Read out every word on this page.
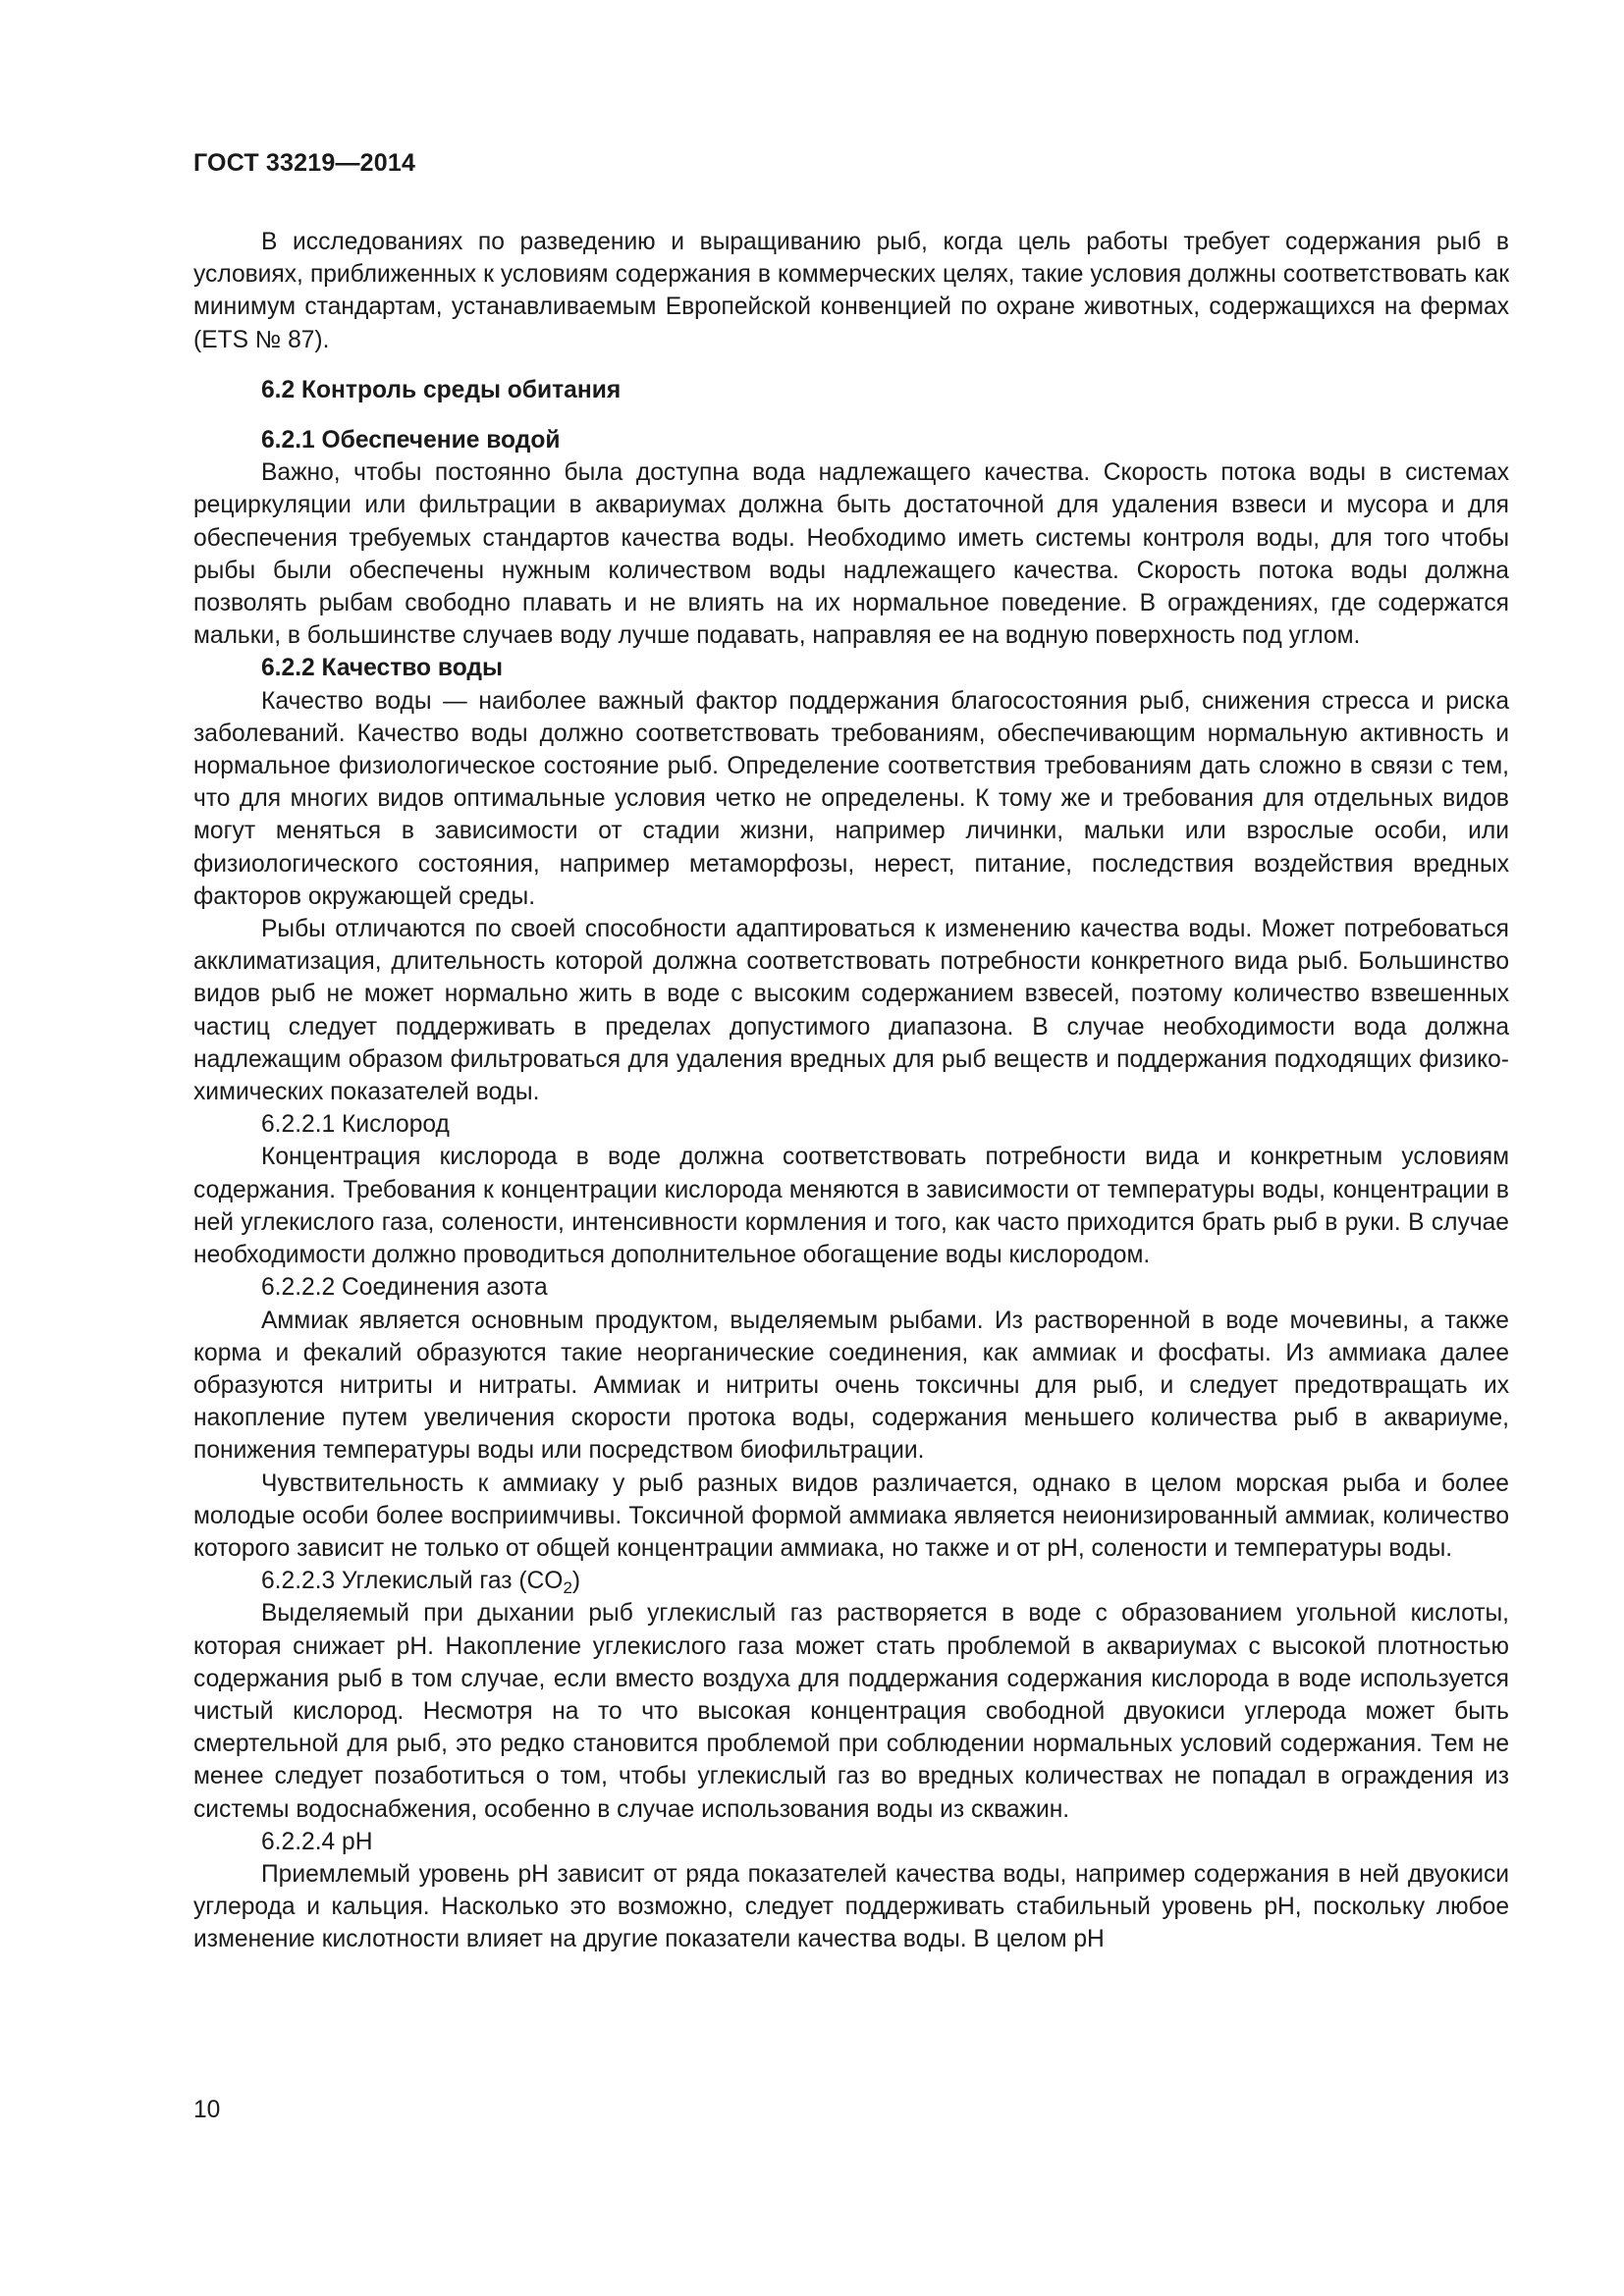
ГОСТ 33219—2014

В исследованиях по разведению и выращиванию рыб, когда цель работы требует содержания рыб в условиях, приближенных к условиям содержания в коммерческих целях, такие условия должны соответствовать как минимум стандартам, устанавливаемым Европейской конвенцией по охране животных, содержащихся на фермах (ETS № 87).

6.2 Контроль среды обитания
6.2.1 Обеспечение водой

Важно, чтобы постоянно была доступна вода надлежащего качества. Скорость потока воды в системах рециркуляции или фильтрации в аквариумах должна быть достаточной для удаления взвеси и мусора и для обеспечения требуемых стандартов качества воды. Необходимо иметь системы контроля воды, для того чтобы рыбы были обеспечены нужным количеством воды надлежащего качества. Скорость потока воды должна позволять рыбам свободно плавать и не влиять на их нормальное поведение. В ограждениях, где содержатся мальки, в большинстве случаев воду лучше подавать, направляя ее на водную поверхность под углом.

6.2.2 Качество воды

Качество воды — наиболее важный фактор поддержания благосостояния рыб, снижения стресса и риска заболеваний. Качество воды должно соответствовать требованиям, обеспечивающим нормальную активность и нормальное физиологическое состояние рыб. Определение соответствия требованиям дать сложно в связи с тем, что для многих видов оптимальные условия четко не определены. К тому же и требования для отдельных видов могут меняться в зависимости от стадии жизни, например личинки, мальки или взрослые особи, или физиологического состояния, например метаморфозы, нерест, питание, последствия воздействия вредных факторов окружающей среды.

Рыбы отличаются по своей способности адаптироваться к изменению качества воды. Может потребоваться акклиматизация, длительность которой должна соответствовать потребности конкретного вида рыб. Большинство видов рыб не может нормально жить в воде с высоким содержанием взвесей, поэтому количество взвешенных частиц следует поддерживать в пределах допустимого диапазона. В случае необходимости вода должна надлежащим образом фильтроваться для удаления вредных для рыб веществ и поддержания подходящих физико-химических показателей воды.

6.2.2.1 Кислород

Концентрация кислорода в воде должна соответствовать потребности вида и конкретным условиям содержания. Требования к концентрации кислорода меняются в зависимости от температуры воды, концентрации в ней углекислого газа, солености, интенсивности кормления и того, как часто приходится брать рыб в руки. В случае необходимости должно проводиться дополнительное обогащение воды кислородом.

6.2.2.2 Соединения азота

Аммиак является основным продуктом, выделяемым рыбами. Из растворенной в воде мочевины, а также корма и фекалий образуются такие неорганические соединения, как аммиак и фосфаты. Из аммиака далее образуются нитриты и нитраты. Аммиак и нитриты очень токсичны для рыб, и следует предотвращать их накопление путем увеличения скорости протока воды, содержания меньшего количества рыб в аквариуме, понижения температуры воды или посредством биофильтрации.

Чувствительность к аммиаку у рыб разных видов различается, однако в целом морская рыба и более молодые особи более восприимчивы. Токсичной формой аммиака является неионизированный аммиак, количество которого зависит не только от общей концентрации аммиака, но также и от pH, солености и температуры воды.

6.2.2.3 Углекислый газ $(CO_2)$

Выделяемый при дыхании рыб углекислый газ растворяется в воде с образованием угольной кислоты, которая снижает pH. Накопление углекислого газа может стать проблемой в аквариумах с высокой плотностью содержания рыб в том случае, если вместо воздуха для поддержания содержания кислорода в воде используется чистый кислород. Несмотря на то что высокая концентрация свободной двуокиси углерода может быть смертельной для рыб, это редко становится проблемой при соблюдении нормальных условий содержания. Тем не менее следует позаботиться о том, чтобы углекислый газ во вредных количествах не попадал в ограждения из системы водоснабжения, особенно в случае использования воды из скважин.

6.2.2.4 pH

Приемлемый уровень pH зависит от ряда показателей качества воды, например содержания в ней двуокиси углерода и кальция. Насколько это возможно, следует поддерживать стабильный уровень pH, поскольку любое изменение кислотности влияет на другие показатели качества воды. В целом pH

10
